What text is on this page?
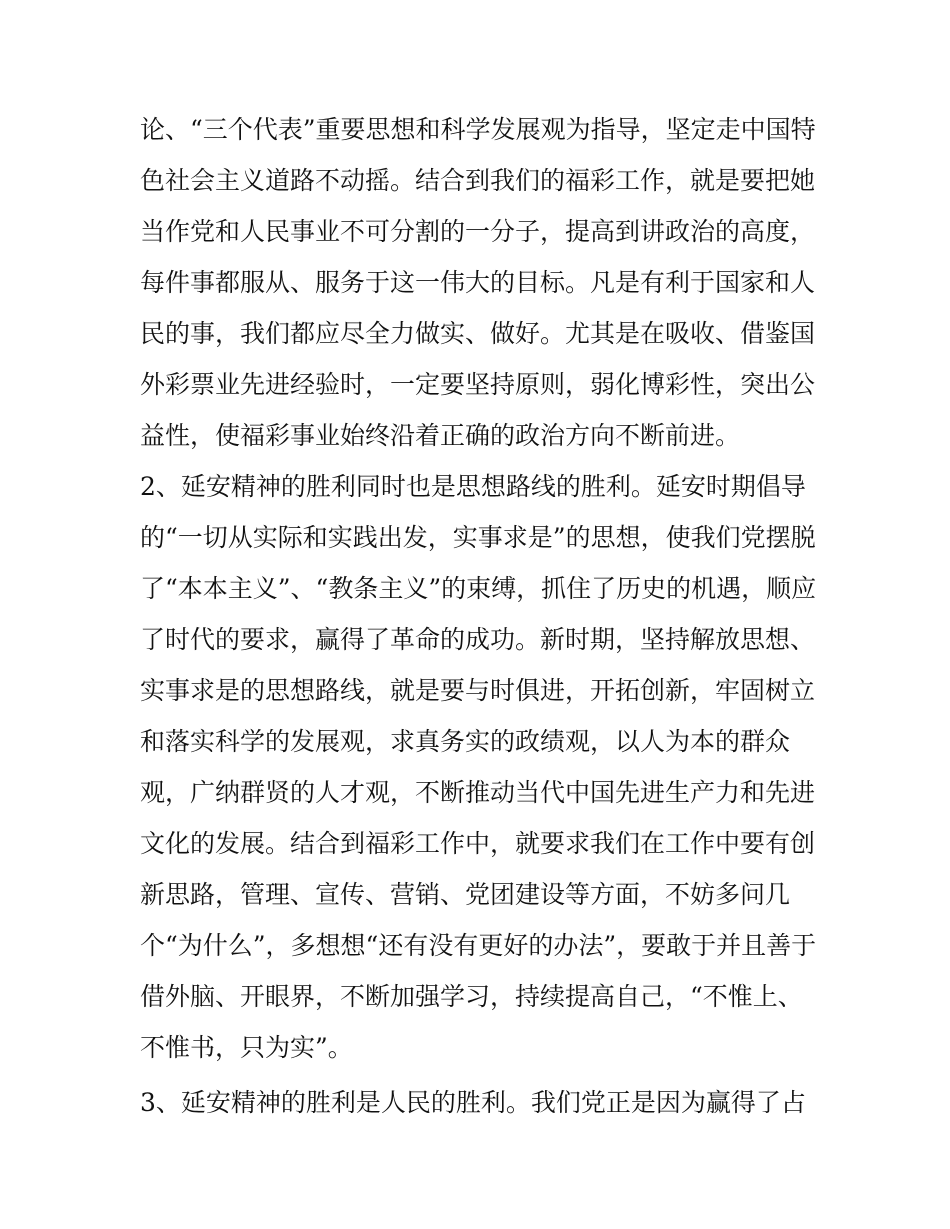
论、“三个代表”重要思想和科学发展观为指导，坚定走中国特
色社会主义道路不动摇。结合到我们的福彩工作，就是要把她
当作党和人民事业不可分割的一分子，提高到讲政治的高度，
每件事都服从、服务于这一伟大的目标。凡是有利于国家和人
民的事，我们都应尽全力做实、做好。尤其是在吸收、借鉴国
外彩票业先进经验时，一定要坚持原则，弱化博彩性，突出公
益性，使福彩事业始终沿着正确的政治方向不断前进。
2、延安精神的胜利同时也是思想路线的胜利。延安时期倡导
的“一切从实际和实践出发，实事求是”的思想，使我们党摆脱
了“本本主义”、“教条主义”的束缚，抓住了历史的机遇，顺应
了时代的要求，赢得了革命的成功。新时期，坚持解放思想、
实事求是的思想路线，就是要与时俱进，开拓创新，牢固树立
和落实科学的发展观，求真务实的政绩观，以人为本的群众
观，广纳群贤的人才观，不断推动当代中国先进生产力和先进
文化的发展。结合到福彩工作中，就要求我们在工作中要有创
新思路，管理、宣传、营销、党团建设等方面，不妨多问几
个“为什么”，多想想“还有没有更好的办法”，要敢于并且善于
借外脑、开眼界，不断加强学习，持续提高自己，“不惟上、
不惟书，只为实”。
3、延安精神的胜利是人民的胜利。我们党正是因为赢得了占
